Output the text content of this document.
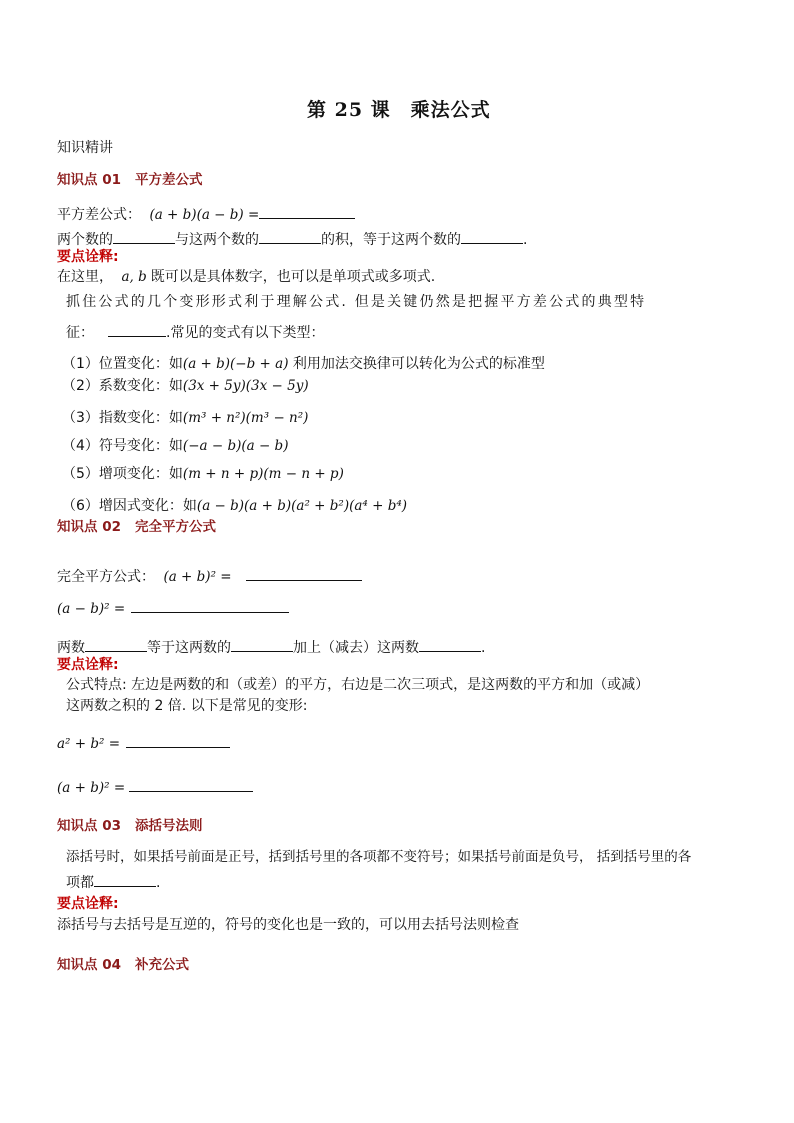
第 25 课　乘法公式
知识精讲
知识点 01 平方差公式
平方差公式： (a + b)(a − b) =
两个数的	与这两个数的	的积，等于这两个数的	.
要点诠释:
在这里， a, b 既可以是具体数字，也可以是单项式或多项式.
抓住公式的几个变形形式利于理解公式. 但是关键仍然是把握平方差公式的典型特
征：	.常见的变式有以下类型：
（1）位置变化：如(a + b)(−b + a) 利用加法交换律可以转化为公式的标准型
（2）系数变化：如(3x + 5y)(3x − 5y)
（3）指数变化：如(m³ + n²)(m³ − n²)
（4）符号变化：如(−a − b)(a − b)
（5）增项变化：如(m + n + p)(m − n + p)
（6）增因式变化：如(a − b)(a + b)(a² + b²)(a⁴ + b⁴)
知识点 02 完全平方公式
完全平方公式： (a + b)² =
(a − b)² =
两数	等于这两数的	加上（减去）这两数	.
要点诠释:
公式特点: 左边是两数的和（或差）的平方，右边是二次三项式，是这两数的平方和加（或减）
这两数之积的 2 倍. 以下是常见的变形:
a² + b² =
(a + b)² =
知识点 03 添括号法则
添括号时，如果括号前面是正号，括到括号里的各项都不变符号；如果括号前面是负号， 括到括号里的各
项都	.
要点诠释:
添括号与去括号是互逆的，符号的变化也是一致的，可以用去括号法则检查
知识点 04 补充公式
